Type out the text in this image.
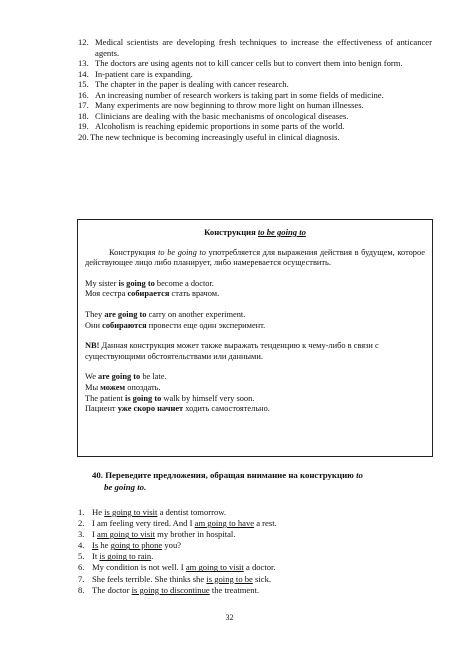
12. Medical scientists are developing fresh techniques to increase the effectiveness of anticancer agents.
13. The doctors are using agents not to kill cancer cells but to convert them into benign form.
14. In-patient care is expanding.
15. The chapter in the paper is dealing with cancer research.
16. An increasing number of research workers is taking part in some fields of medicine.
17. Many experiments are now beginning to throw more light on human illnesses.
18. Clinicians are dealing with the basic mechanisms of oncological diseases.
19. Alcoholism is reaching epidemic proportions in some parts of the world.
20. The new technique is becoming increasingly useful in clinical diagnosis.
Конструкция to be going to

Конструкция to be going to употребляется для выражения действия в будущем, которое действующее лицо либо планирует, либо намеревается осуществить.

My sister is going to become a doctor.

Моя сестра собирается стать врачом.

They are going to carry on another experiment.

Они собираются провести еще один эксперимент.

NB! Данная конструкция может также выражать тенденцию к чему-либо в связи с существующими обстоятельствами или данными.

We are going to be late.

Мы можем опоздать.

The patient is going to walk by himself very soon.

Пациент уже скоро начнет ходить самостоятельно.

40. Переведите предложения, обращая внимание на конструкцию to
be going to.
1. He is going to visit a dentist tomorrow.
2. I am feeling very tired. And I am going to have a rest.
3. I am going to visit my brother in hospital.
4. Is he going to phone you?
5. It is going to rain.
6. My condition is not well. I am going to visit a doctor.
7. She feels terrible. She thinks she is going to be sick.
8. The doctor is going to discontinue the treatment.
32
